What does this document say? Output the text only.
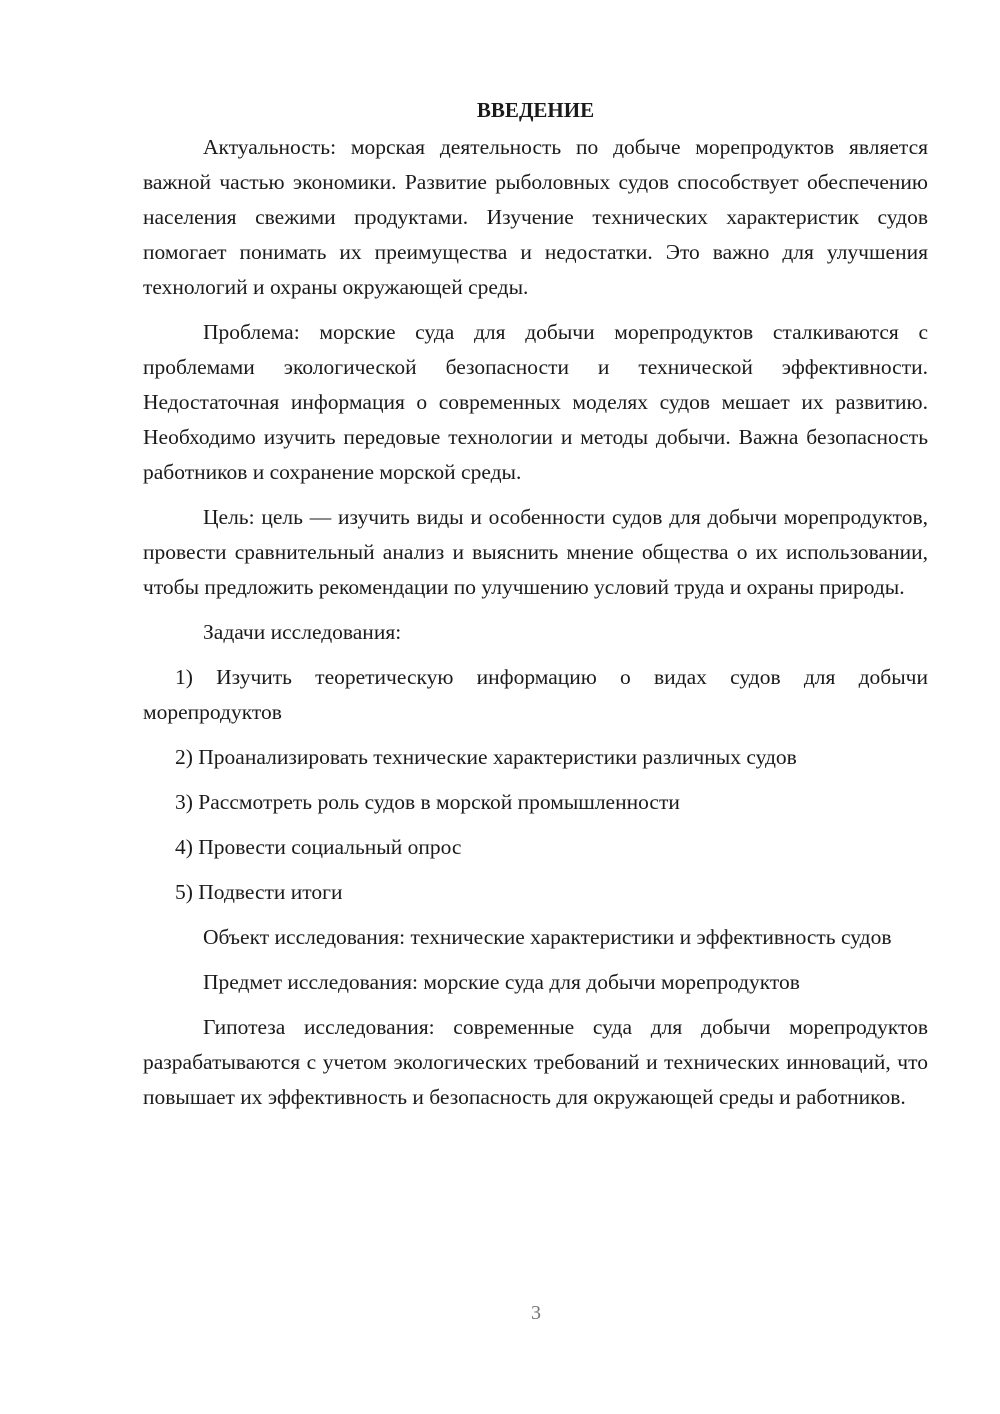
ВВЕДЕНИЕ

Актуальность: морская деятельность по добыче морепродуктов является важной частью экономики. Развитие рыболовных судов способствует обеспечению населения свежими продуктами. Изучение технических характеристик судов помогает понимать их преимущества и недостатки. Это важно для улучшения технологий и охраны окружающей среды.

Проблема: морские суда для добычи морепродуктов сталкиваются с проблемами экологической безопасности и технической эффективности. Недостаточная информация о современных моделях судов мешает их развитию. Необходимо изучить передовые технологии и методы добычи. Важна безопасность работников и сохранение морской среды.

Цель: цель — изучить виды и особенности судов для добычи морепродуктов, провести сравнительный анализ и выяснить мнение общества о их использовании, чтобы предложить рекомендации по улучшению условий труда и охраны природы.

Задачи исследования:

1) Изучить теоретическую информацию о видах судов для добычи морепродуктов

2) Проанализировать технические характеристики различных судов

3) Рассмотреть роль судов в морской промышленности

4) Провести социальный опрос

5) Подвести итоги

Объект исследования: технические характеристики и эффективность судов

Предмет исследования: морские суда для добычи морепродуктов

Гипотеза исследования: современные суда для добычи морепродуктов разрабатываются с учетом экологических требований и технических инноваций, что повышает их эффективность и безопасность для окружающей среды и работников.

3
